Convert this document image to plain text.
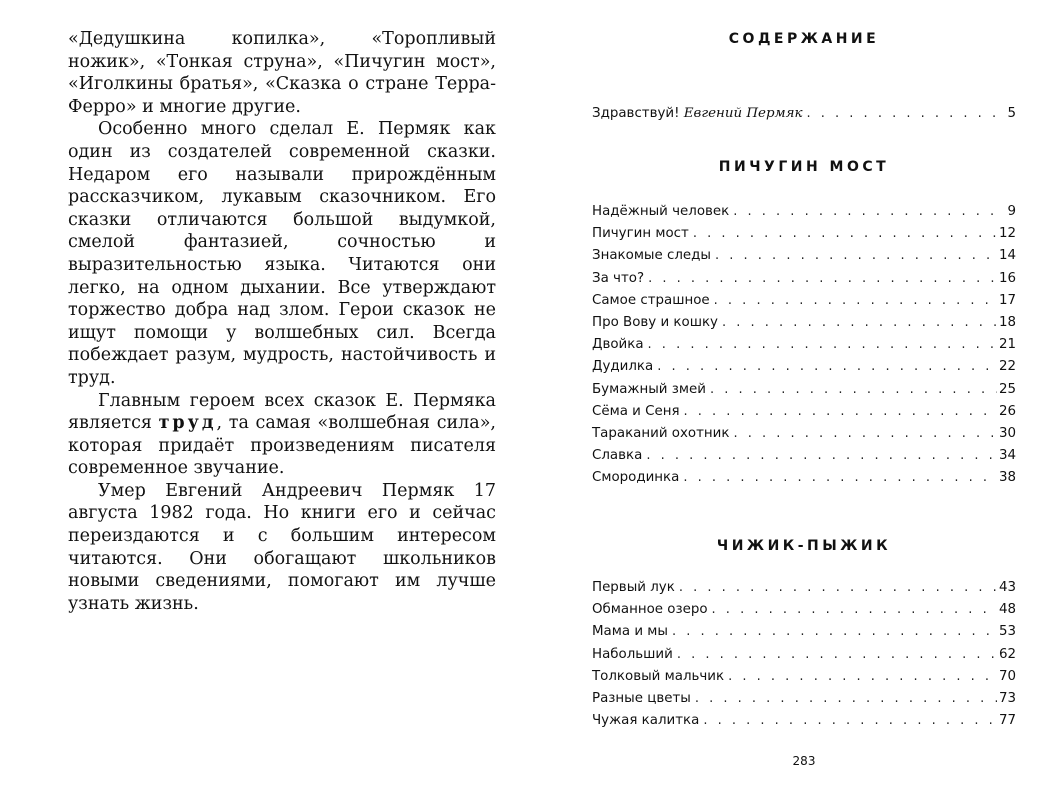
«Дедушкина копилка», «Торопливый ножик», «Тонкая струна», «Пичугин мост», «Иголкины братья», «Сказка о стране Терра-Ферро» и многие другие.

Особенно много сделал Е. Пермяк как один из создателей современной сказки. Недаром его называли прирождённым рассказчиком, лукавым сказочником. Его сказки отличаются большой выдумкой, смелой фантазией, сочностью и выразительностью языка. Читаются они легко, на одном дыхании. Все утверждают торжество добра над злом. Герои сказок не ищут помощи у волшебных сил. Всегда побеждает разум, мудрость, настойчивость и труд.

Главным героем всех сказок Е. Пермяка является труд, та самая «волшебная сила», которая придаёт произведениям писателя современное звучание.

Умер Евгений Андреевич Пермяк 17 августа 1982 года. Но книги его и сейчас переиздаются и с большим интересом читаются. Они обогащают школьников новыми сведениями, помогают им лучше узнать жизнь.

СОДЕРЖАНИЕ
Здравствуй! Евгений Пермяк . . .	5
ПИЧУГИН МОСТ
Надёжный человек . . .	9
Пичугин мост . . .	12
Знакомые следы . . .	14
За что? . . .	16
Самое страшное . . .	17
Про Вову и кошку . . .	18
Двойка . . .	21
Дудилка . . .	22
Бумажный змей . . .	25
Сёма и Сеня . . .	26
Тараканий охотник . . .	30
Славка . . .	34
Смородинка . . .	38
ЧИЖИК-ПЫЖИК
Первый лук . . .	43
Обманное озеро . . .	48
Мама и мы . . .	53
Набольший . . .	62
Толковый мальчик . . .	70
Разные цветы . . .	73
Чужая калитка . . .	77
283
